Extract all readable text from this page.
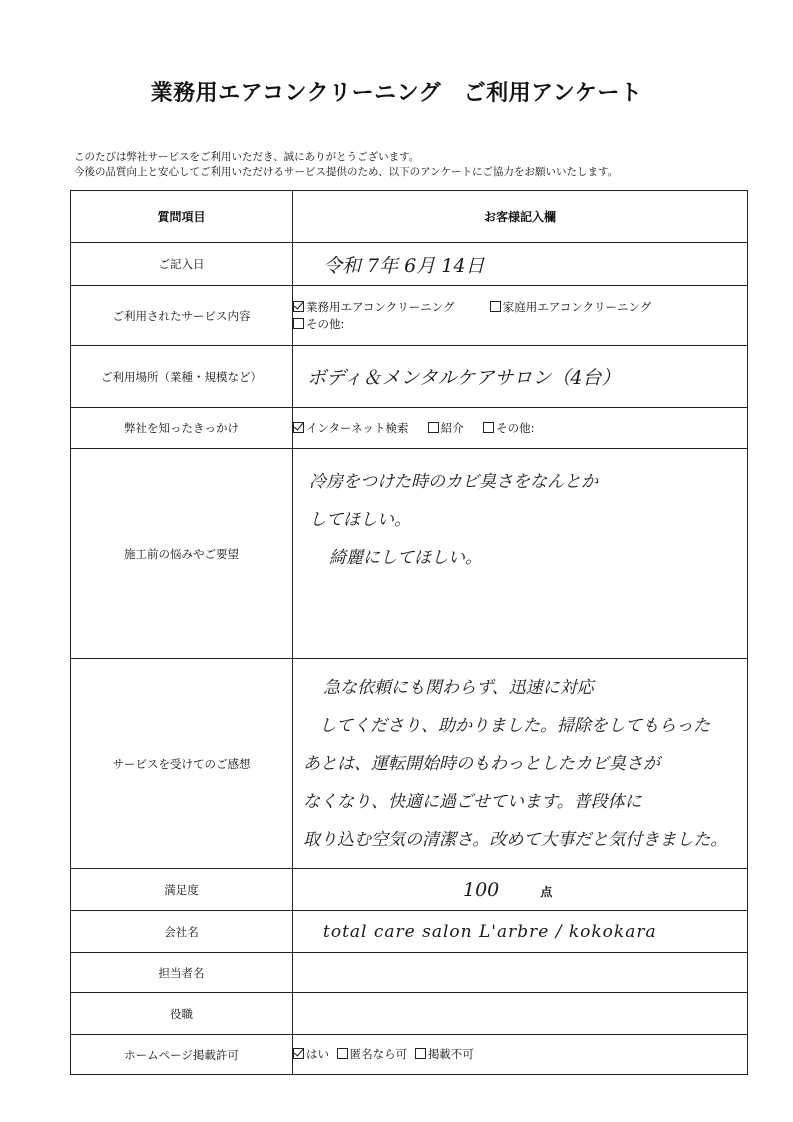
業務用エアコンクリーニング　ご利用アンケート
このたびは弊社サービスをご利用いただき、誠にありがとうございます。
今後の品質向上と安心してご利用いただけるサービス提供のため、以下のアンケートにご協力をお願いいたします。
質問項目	お客様記入欄
ご記入日	令和 7年 6月 14日

ご利用されたサービス内容	業務用エアコンクリーニング 家庭用エアコンクリーニング
その他:

ご利用場所（業種・規模など）	ボディ＆メンタルケアサロン（4台）

弊社を知ったきっかけ	インターネット検索 紹介 その他:

施工前の悩みやご要望	冷房をつけた時のカビ臭さをなんとか
してほしい。
綺麗にしてほしい。

サービスを受けてのご感想	急な依頼にも関わらず、迅速に対応
してくださり、助かりました。掃除をしてもらった
あとは、運転開始時のもわっとしたカビ臭さが
なくなり、快適に過ごせています。普段体に
取り込む空気の清潔さ。改めて大事だと気付きました。

満足度	100 点
会社名	total care salon L'arbre / kokokara

担当者名	
役職	
ホームページ掲載許可	はい 匿名なら可 掲載不可
